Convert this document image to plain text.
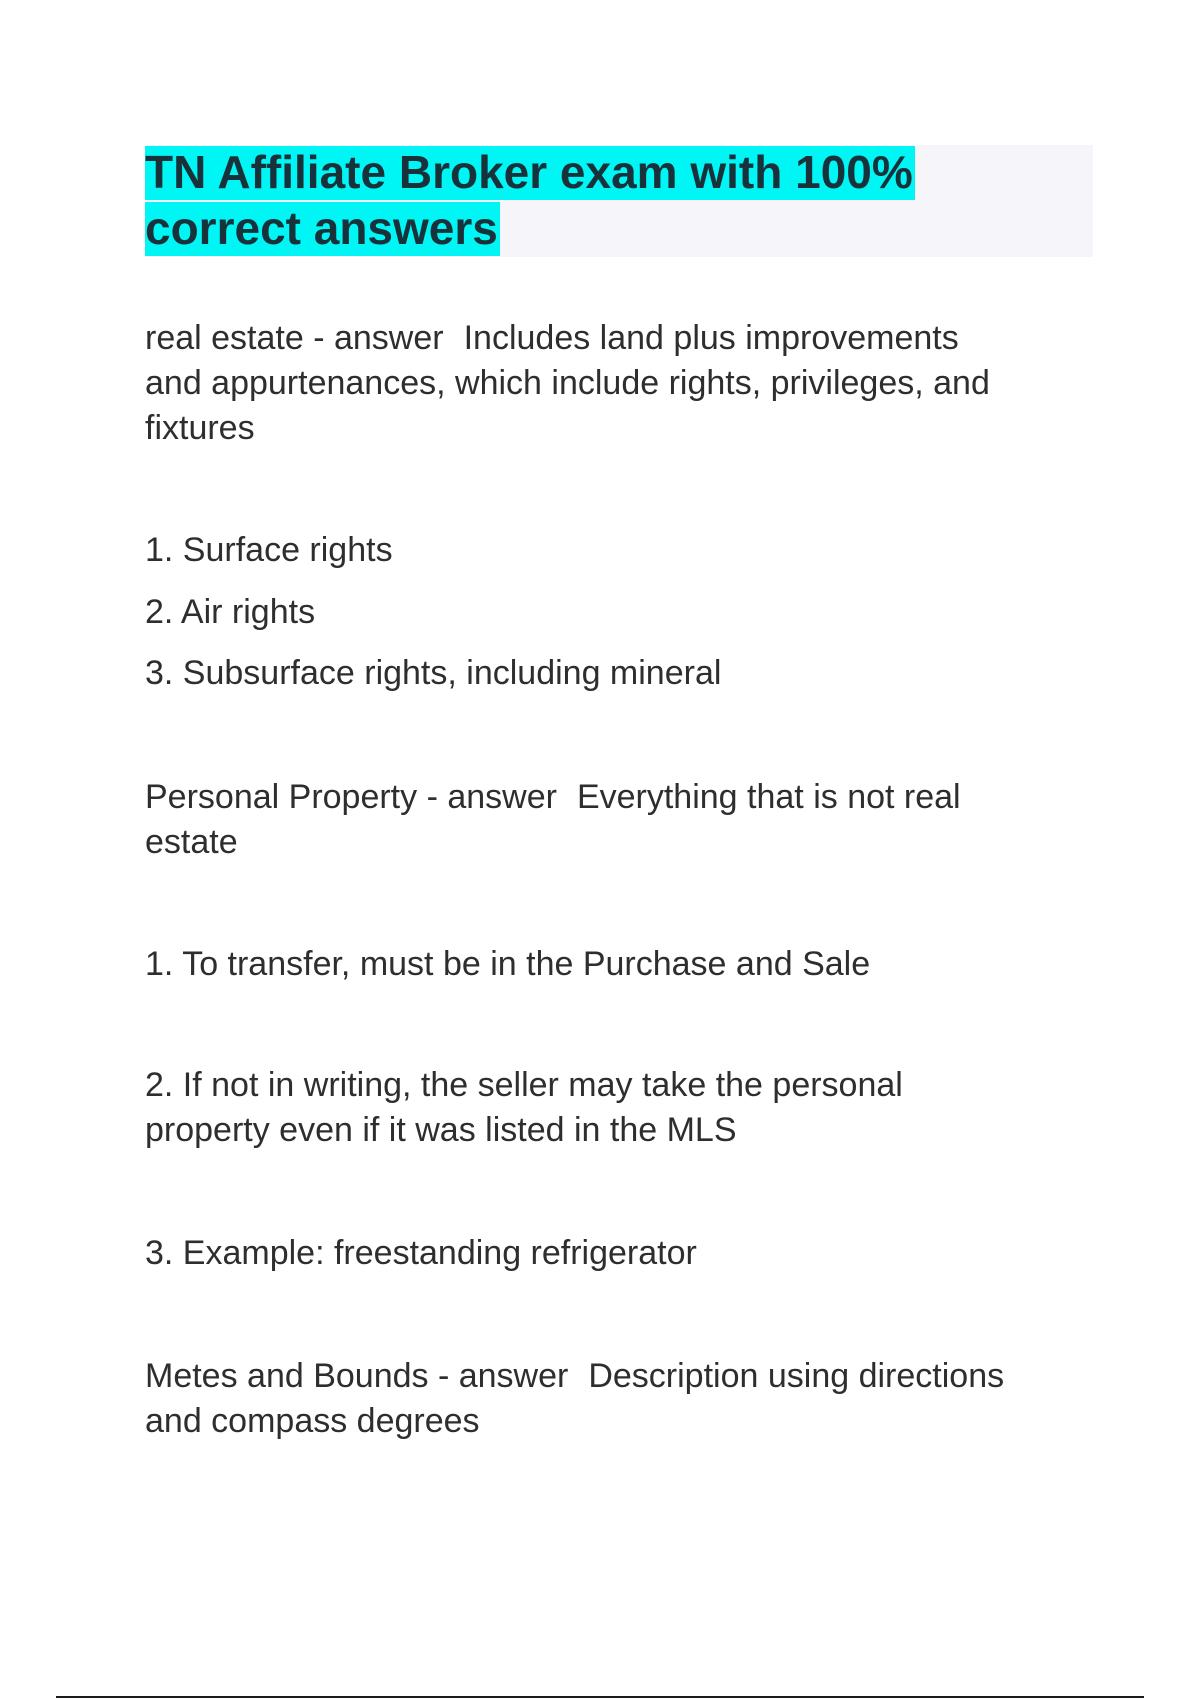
TN Affiliate Broker exam with 100%
correct answers

real estate - answer Includes land plus improvements

and appurtenances, which include rights, privileges, and

fixtures

1. Surface rights

2. Air rights

3. Subsurface rights, including mineral

Personal Property - answer Everything that is not real

estate

1. To transfer, must be in the Purchase and Sale

2. If not in writing, the seller may take the personal

property even if it was listed in the MLS

3. Example: freestanding refrigerator

Metes and Bounds - answer Description using directions

and compass degrees
